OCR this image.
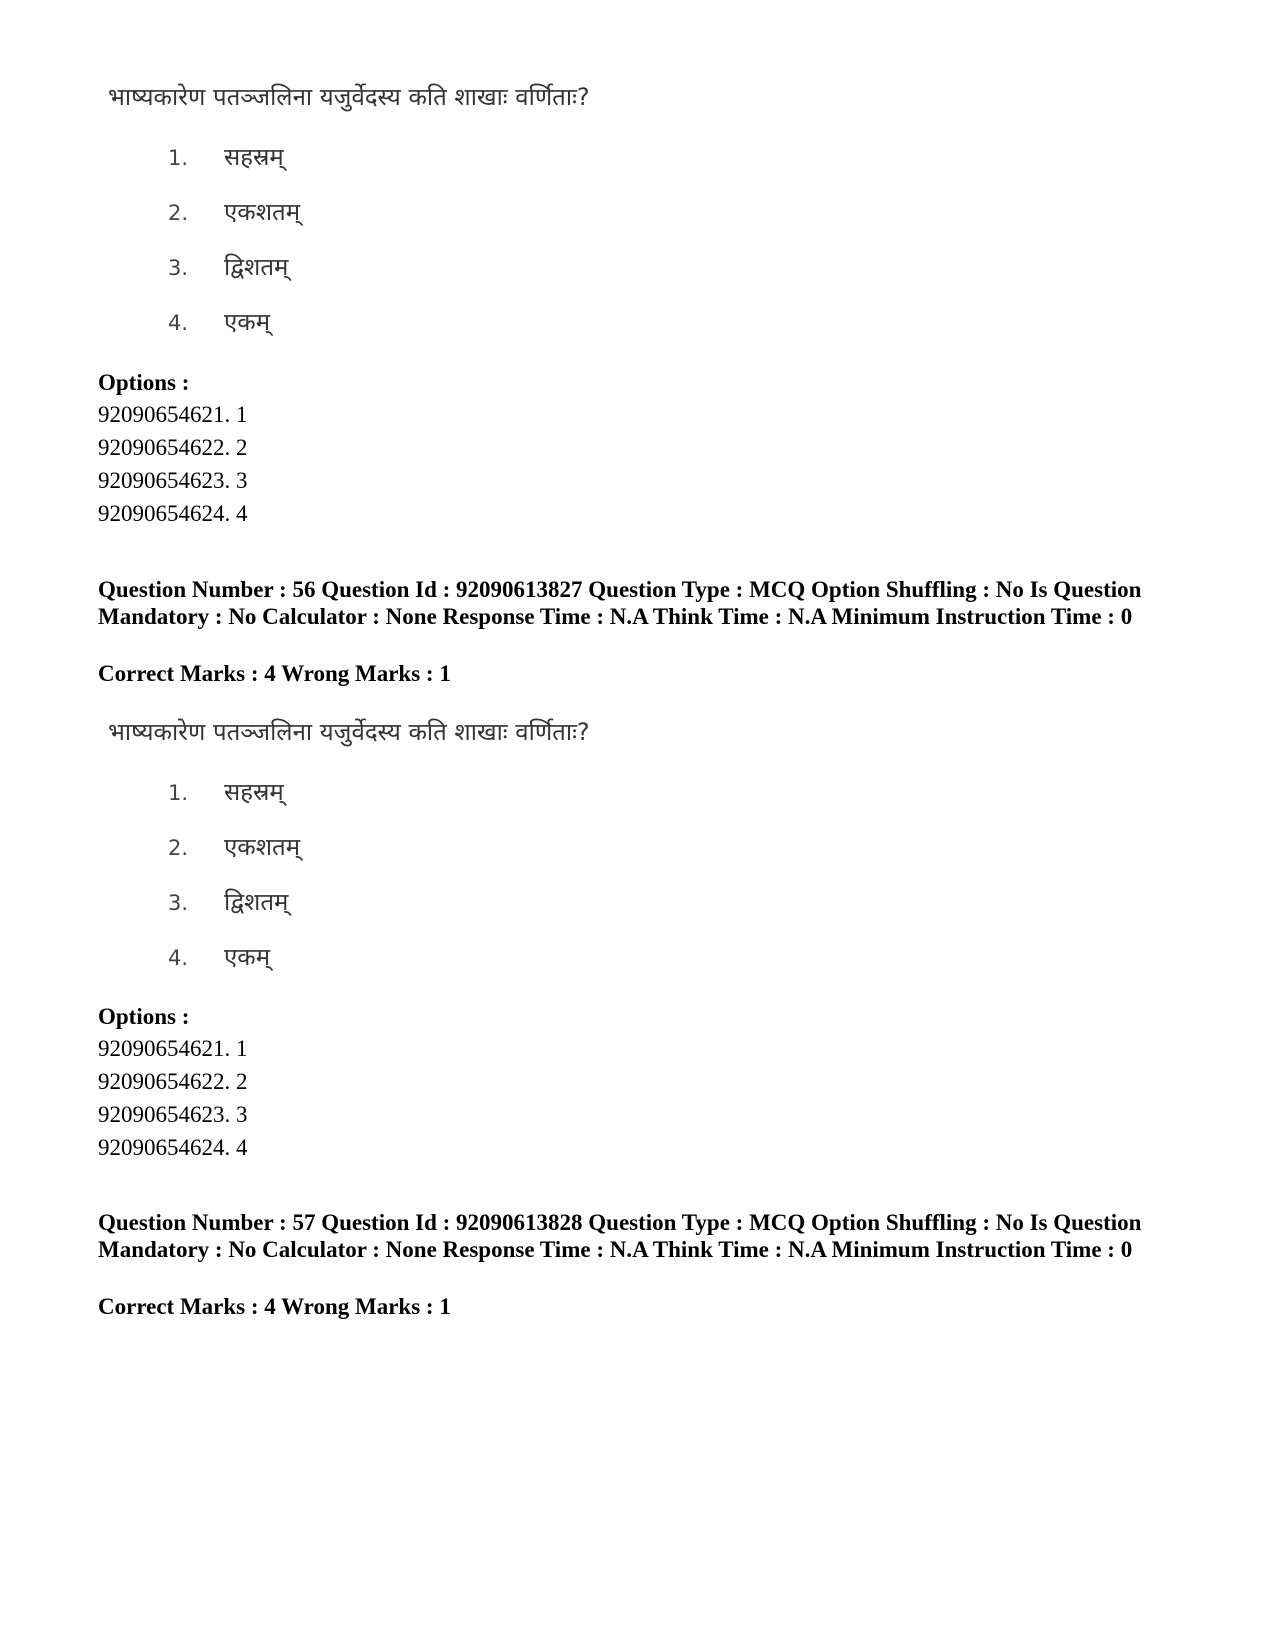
भाष्यकारेण पतञ्जलिना यजुर्वेदस्य कति शाखाः वर्णिताः?
1. सहस्रम्
2. एकशतम्
3. द्विशतम्
4. एकम्
Options :
92090654621. 1
92090654622. 2
92090654623. 3
92090654624. 4
Question Number : 56 Question Id : 92090613827 Question Type : MCQ Option Shuffling : No Is Question Mandatory : No Calculator : None Response Time : N.A Think Time : N.A Minimum Instruction Time : 0
Correct Marks : 4 Wrong Marks : 1
भाष्यकारेण पतञ्जलिना यजुर्वेदस्य कति शाखाः वर्णिताः?
1. सहस्रम्
2. एकशतम्
3. द्विशतम्
4. एकम्
Options :
92090654621. 1
92090654622. 2
92090654623. 3
92090654624. 4
Question Number : 57 Question Id : 92090613828 Question Type : MCQ Option Shuffling : No Is Question Mandatory : No Calculator : None Response Time : N.A Think Time : N.A Minimum Instruction Time : 0
Correct Marks : 4 Wrong Marks : 1
